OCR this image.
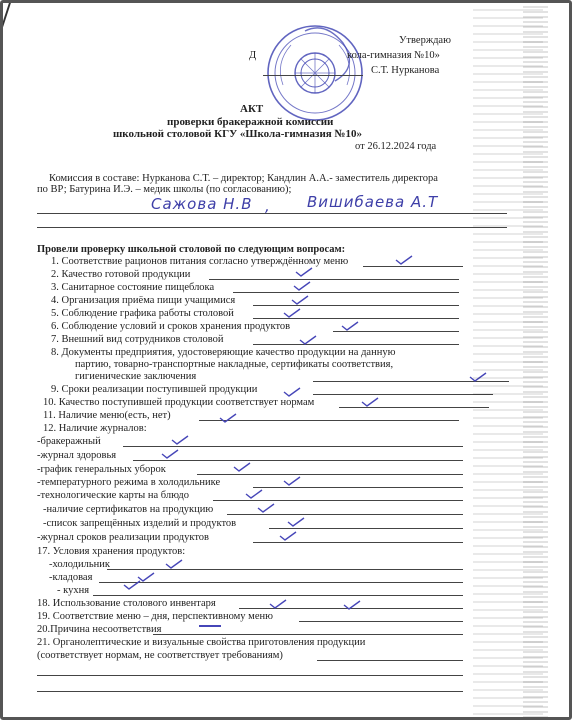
Утверждаю
Д	кола-гимназия №10»
С.Т. Нурканова
АКТ
проверки бракеражной комиссии
школьной столовой КГУ «Школа-гимназия №10»
от 26.12.2024 года
Комиссия в составе: Нурканова С.Т. – директор; Кандлин А.А.- заместитель директора
по ВР; Батурина И.Э. – медик школы (по согласованию);
Сажова Н.В , Вишибаева А.Т
Провели проверку школьной столовой по следующим вопросам:
1. Соответствие рационов питания согласно утверждённому меню
2. Качество готовой продукции
3. Санитарное состояние пищеблока
4. Организация приёма пищи учащимися
5. Соблюдение графика работы столовой
6. Соблюдение условий и сроков хранения продуктов
7. Внешний вид сотрудников столовой
8. Документы предприятия, удостоверяющие качество продукции на данную
партию, товарно-транспортные накладные, сертификаты соответствия,
гигиенические заключения
9. Сроки реализации поступившей продукции
10. Качество поступившей продукции соответствует нормам
11. Наличие меню(есть, нет)
12. Наличие журналов:
-бракеражный
-журнал здоровья
-график генеральных уборок
-температурного режима в холодильнике
-технологические карты на блюдо
-наличие сертификатов на продукцию
-список запрещённых изделий и продуктов
-журнал сроков реализации продуктов
17. Условия хранения продуктов:
-холодильник
-кладовая
- кухня
18. Использование столового инвентаря
19. Соответствие меню – дня, перспективному меню
20.Причина несоответствия
21. Органолептические и визуальные свойства приготовления продукции
(соответствует нормам, не соответствует требованиям)
